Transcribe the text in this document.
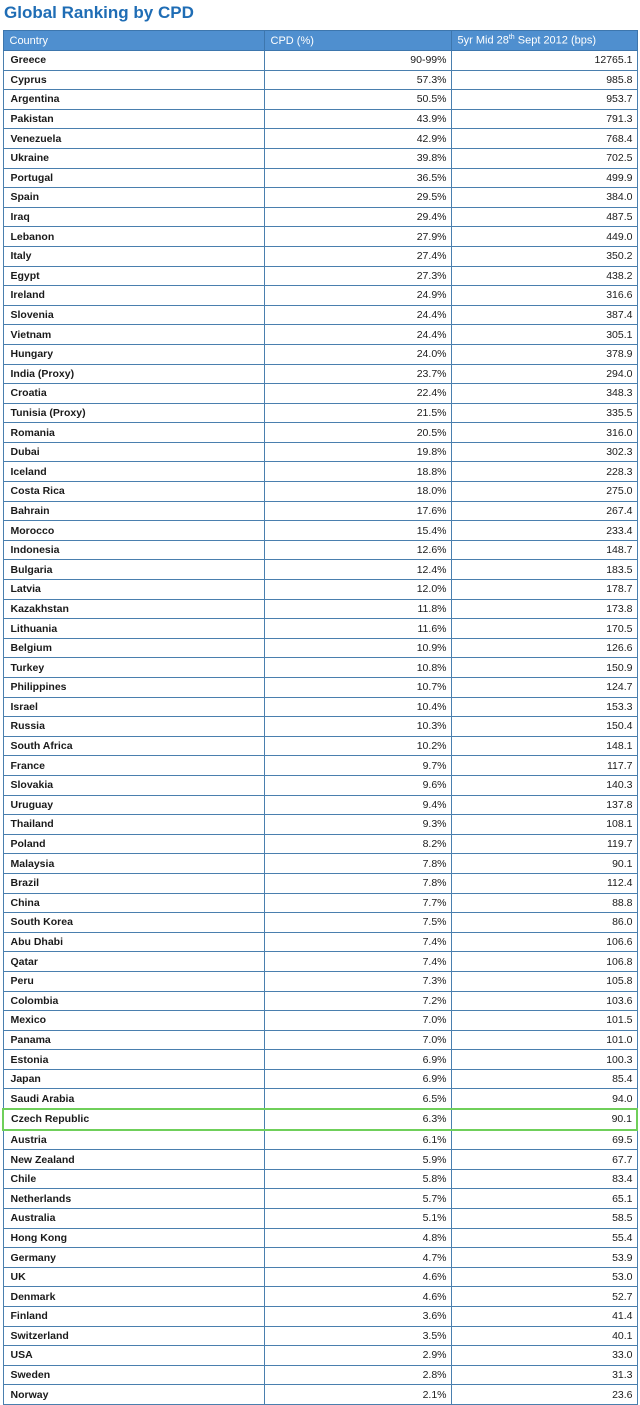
Global Ranking by CPD
Country	CPD (%)	5yr Mid 28th Sept 2012 (bps)
Greece	90-99%	12765.1
Cyprus	57.3%	985.8
Argentina	50.5%	953.7
Pakistan	43.9%	791.3
Venezuela	42.9%	768.4
Ukraine	39.8%	702.5
Portugal	36.5%	499.9
Spain	29.5%	384.0
Iraq	29.4%	487.5
Lebanon	27.9%	449.0
Italy	27.4%	350.2
Egypt	27.3%	438.2
Ireland	24.9%	316.6
Slovenia	24.4%	387.4
Vietnam	24.4%	305.1
Hungary	24.0%	378.9
India (Proxy)	23.7%	294.0
Croatia	22.4%	348.3
Tunisia (Proxy)	21.5%	335.5
Romania	20.5%	316.0
Dubai	19.8%	302.3
Iceland	18.8%	228.3
Costa Rica	18.0%	275.0
Bahrain	17.6%	267.4
Morocco	15.4%	233.4
Indonesia	12.6%	148.7
Bulgaria	12.4%	183.5
Latvia	12.0%	178.7
Kazakhstan	11.8%	173.8
Lithuania	11.6%	170.5
Belgium	10.9%	126.6
Turkey	10.8%	150.9
Philippines	10.7%	124.7
Israel	10.4%	153.3
Russia	10.3%	150.4
South Africa	10.2%	148.1
France	9.7%	117.7
Slovakia	9.6%	140.3
Uruguay	9.4%	137.8
Thailand	9.3%	108.1
Poland	8.2%	119.7
Malaysia	7.8%	90.1
Brazil	7.8%	112.4
China	7.7%	88.8
South Korea	7.5%	86.0
Abu Dhabi	7.4%	106.6
Qatar	7.4%	106.8
Peru	7.3%	105.8
Colombia	7.2%	103.6
Mexico	7.0%	101.5
Panama	7.0%	101.0
Estonia	6.9%	100.3
Japan	6.9%	85.4
Saudi Arabia	6.5%	94.0
Czech Republic	6.3%	90.1
Austria	6.1%	69.5
New Zealand	5.9%	67.7
Chile	5.8%	83.4
Netherlands	5.7%	65.1
Australia	5.1%	58.5
Hong Kong	4.8%	55.4
Germany	4.7%	53.9
UK	4.6%	53.0
Denmark	4.6%	52.7
Finland	3.6%	41.4
Switzerland	3.5%	40.1
USA	2.9%	33.0
Sweden	2.8%	31.3
Norway	2.1%	23.6
